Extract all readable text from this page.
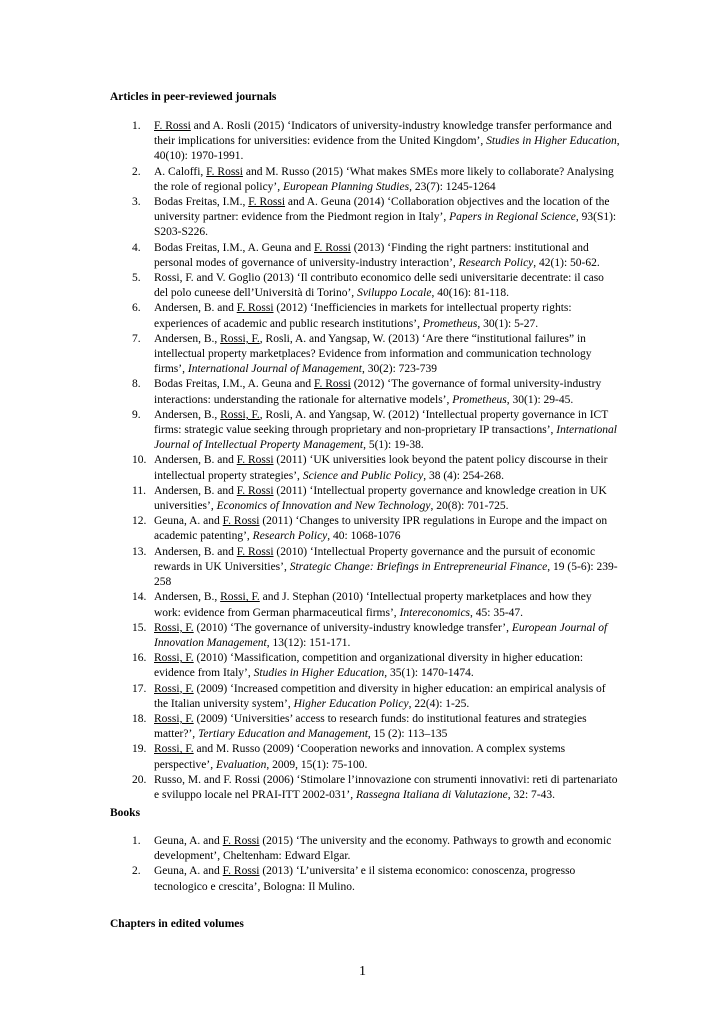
Articles in peer-reviewed journals
1. F. Rossi and A. Rosli (2015) ‘Indicators of university-industry knowledge transfer performance and their implications for universities: evidence from the United Kingdom’, Studies in Higher Education, 40(10): 1970-1991.
2. A. Caloffi, F. Rossi and M. Russo (2015) ‘What makes SMEs more likely to collaborate? Analysing the role of regional policy’, European Planning Studies, 23(7): 1245-1264
3. Bodas Freitas, I.M., F. Rossi and A. Geuna (2014) ‘Collaboration objectives and the location of the university partner: evidence from the Piedmont region in Italy’, Papers in Regional Science, 93(S1): S203-S226.
4. Bodas Freitas, I.M., A. Geuna and F. Rossi (2013) ‘Finding the right partners: institutional and personal modes of governance of university-industry interaction’, Research Policy, 42(1): 50-62.
5. Rossi, F. and V. Goglio (2013) ‘Il contributo economico delle sedi universitarie decentrate: il caso del polo cuneese dell’Università di Torino’, Sviluppo Locale, 40(16): 81-118.
6. Andersen, B. and F. Rossi (2012) ‘Inefficiencies in markets for intellectual property rights: experiences of academic and public research institutions’, Prometheus, 30(1): 5-27.
7. Andersen, B., Rossi, F., Rosli, A. and Yangsap, W. (2013) ‘Are there “institutional failures” in intellectual property marketplaces? Evidence from information and communication technology firms’, International Journal of Management, 30(2): 723-739
8. Bodas Freitas, I.M., A. Geuna and F. Rossi (2012) ‘The governance of formal university-industry interactions: understanding the rationale for alternative models’, Prometheus, 30(1): 29-45.
9. Andersen, B., Rossi, F., Rosli, A. and Yangsap, W. (2012) ‘Intellectual property governance in ICT firms: strategic value seeking through proprietary and non-proprietary IP transactions’, International Journal of Intellectual Property Management, 5(1): 19-38.
10. Andersen, B. and F. Rossi (2011) ‘UK universities look beyond the patent policy discourse in their intellectual property strategies’, Science and Public Policy, 38 (4): 254-268.
11. Andersen, B. and F. Rossi (2011) ‘Intellectual property governance and knowledge creation in UK universities’, Economics of Innovation and New Technology, 20(8): 701-725.
12. Geuna, A. and F. Rossi (2011) ‘Changes to university IPR regulations in Europe and the impact on academic patenting’, Research Policy, 40: 1068-1076
13. Andersen, B. and F. Rossi (2010) ‘Intellectual Property governance and the pursuit of economic rewards in UK Universities’, Strategic Change: Briefings in Entrepreneurial Finance, 19 (5-6): 239-258
14. Andersen, B., Rossi, F. and J. Stephan (2010) ‘Intellectual property marketplaces and how they work: evidence from German pharmaceutical firms’, Intereconomics, 45: 35-47.
15. Rossi, F. (2010) ‘The governance of university-industry knowledge transfer’, European Journal of Innovation Management, 13(12): 151-171.
16. Rossi, F. (2010) ‘Massification, competition and organizational diversity in higher education: evidence from Italy’, Studies in Higher Education, 35(1): 1470-1474.
17. Rossi, F. (2009) ‘Increased competition and diversity in higher education: an empirical analysis of the Italian university system’, Higher Education Policy, 22(4): 1-25.
18. Rossi, F. (2009) ‘Universities’ access to research funds: do institutional features and strategies matter?’, Tertiary Education and Management, 15 (2): 113–135
19. Rossi, F. and M. Russo (2009) ‘Cooperation neworks and innovation. A complex systems perspective’, Evaluation, 2009, 15(1): 75-100.
20. Russo, M. and F. Rossi (2006) ‘Stimolare l’innovazione con strumenti innovativi: reti di partenariato e sviluppo locale nel PRAI-ITT 2002-031’, Rassegna Italiana di Valutazione, 32: 7-43.
Books
1. Geuna, A. and F. Rossi (2015) ‘The university and the economy. Pathways to growth and economic development’, Cheltenham: Edward Elgar.
2. Geuna, A. and F. Rossi (2013) ‘L’universita’ e il sistema economico: conoscenza, progresso tecnologico e crescita’, Bologna: Il Mulino.
Chapters in edited volumes
1
